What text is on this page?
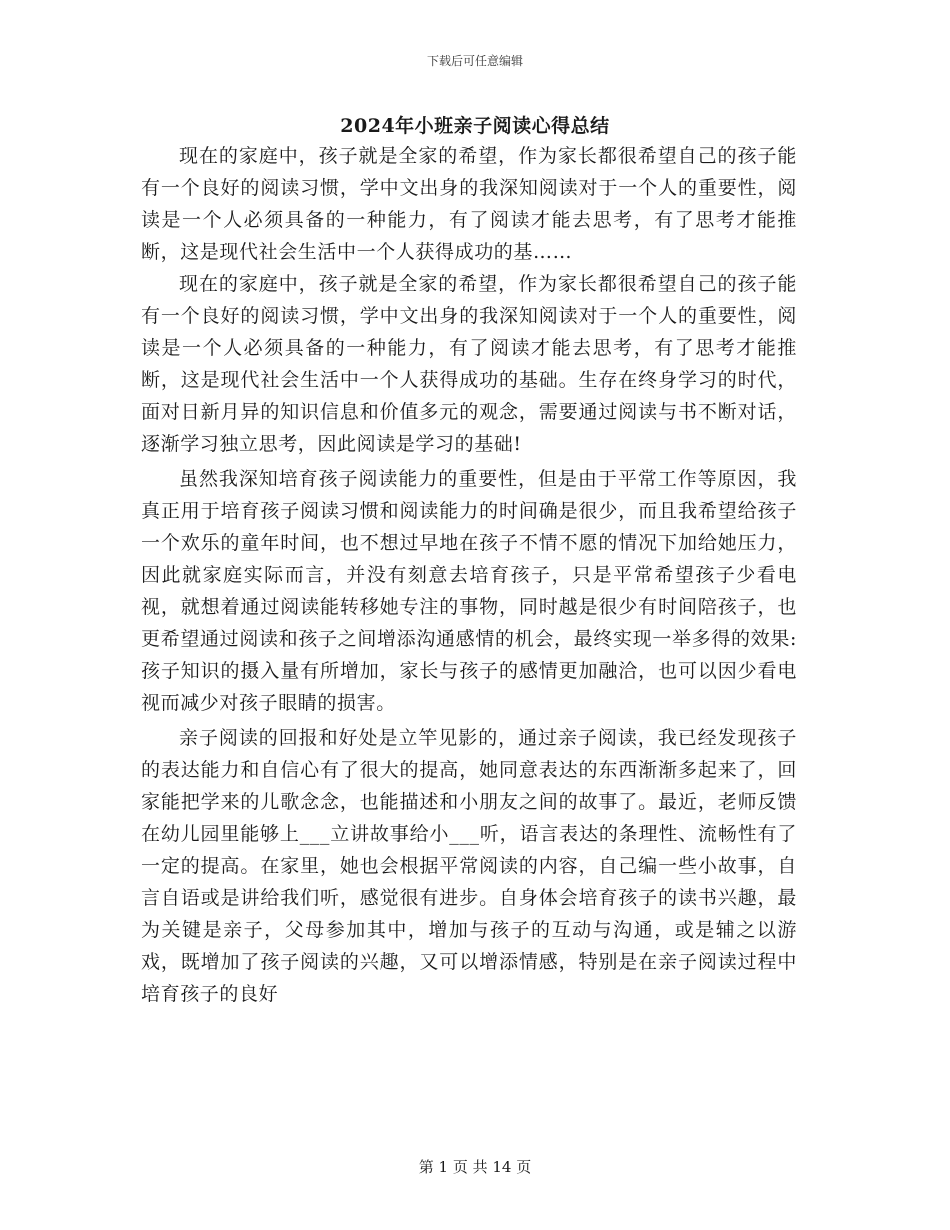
下载后可任意编辑
2024年小班亲子阅读心得总结

现在的家庭中，孩子就是全家的希望，作为家长都很希望自己的孩子能有一个良好的阅读习惯，学中文出身的我深知阅读对于一个人的重要性，阅读是一个人必须具备的一种能力，有了阅读才能去思考，有了思考才能推断，这是现代社会生活中一个人获得成功的基……

现在的家庭中，孩子就是全家的希望，作为家长都很希望自己的孩子能有一个良好的阅读习惯，学中文出身的我深知阅读对于一个人的重要性，阅读是一个人必须具备的一种能力，有了阅读才能去思考，有了思考才能推断，这是现代社会生活中一个人获得成功的基础。生存在终身学习的时代，面对日新月异的知识信息和价值多元的观念，需要通过阅读与书不断对话，逐渐学习独立思考，因此阅读是学习的基础!

虽然我深知培育孩子阅读能力的重要性，但是由于平常工作等原因，我真正用于培育孩子阅读习惯和阅读能力的时间确是很少，而且我希望给孩子一个欢乐的童年时间，也不想过早地在孩子不情不愿的情况下加给她压力，因此就家庭实际而言，并没有刻意去培育孩子，只是平常希望孩子少看电视，就想着通过阅读能转移她专注的事物，同时越是很少有时间陪孩子，也更希望通过阅读和孩子之间增添沟通感情的机会，最终实现一举多得的效果:孩子知识的摄入量有所增加，家长与孩子的感情更加融洽，也可以因少看电视而减少对孩子眼睛的损害。

亲子阅读的回报和好处是立竿见影的，通过亲子阅读，我已经发现孩子的表达能力和自信心有了很大的提高，她同意表达的东西渐渐多起来了，回家能把学来的儿歌念念，也能描述和小朋友之间的故事了。最近，老师反馈在幼儿园里能够上___立讲故事给小___听，语言表达的条理性、流畅性有了一定的提高。在家里，她也会根据平常阅读的内容，自己编一些小故事，自言自语或是讲给我们听，感觉很有进步。自身体会培育孩子的读书兴趣，最为关键是亲子，父母参加其中，增加与孩子的互动与沟通，或是辅之以游戏，既增加了孩子阅读的兴趣，又可以增添情感，特别是在亲子阅读过程中培育孩子的良好

第 1 页 共 14 页
